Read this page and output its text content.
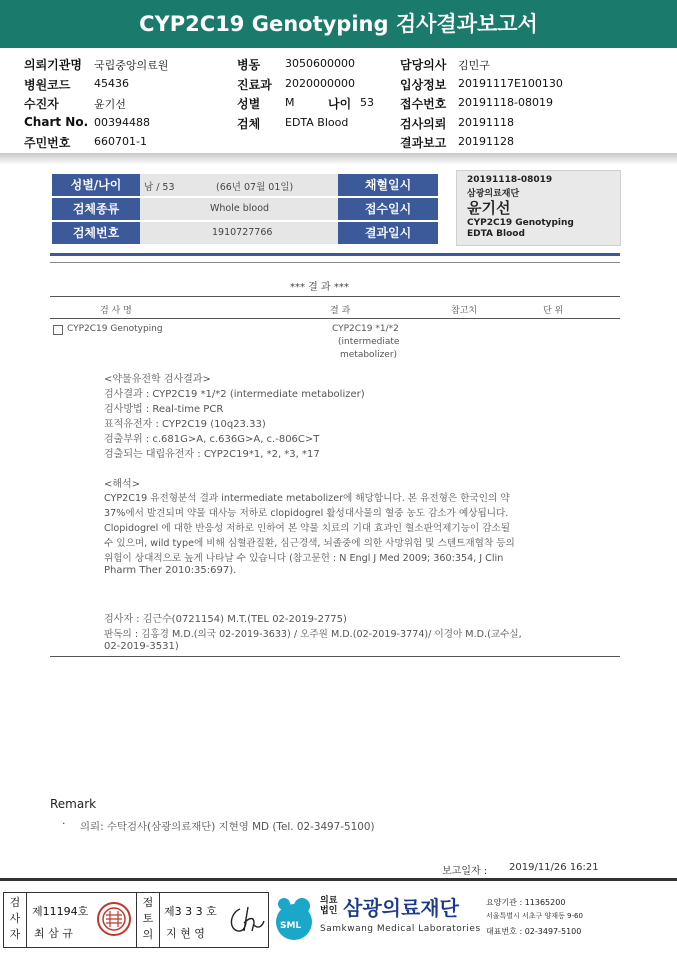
CYP2C19 Genotyping 검사결과보고서
의뢰기관명 국립중앙의료원
병원코드 45436
수진자	윤기선
Chart No. 00394488
주민번호 660701-1
병동 3050600000
진료과 2020000000
성별 M	나이 53
검체 EDTA Blood
담당의사 김민구
입상정보 20191117E100130
접수번호 20191118-08019
검사의뢰 20191118
결과보고 20191128
성별/나이	남 / 53	(66년 07월 01일)	채혈일시
검체종류	Whole blood	접수일시
검체번호	1910727766	결과일시
20191118-08019
삼광의료재단
윤기선
CYP2C19 Genotyping
EDTA Blood
*** 결 과 ***
검 사 명	결 과	참고치	단 위
CYP2C19 Genotyping	CYP2C19 *1/*2
(intermediate
metabolizer)
<약물유전학 검사결과>
검사결과 : CYP2C19 *1/*2 (intermediate metabolizer)
검사방법 : Real-time PCR
표적유전자 : CYP2C19 (10q23.33)
검출부위 : c.681G>A, c.636G>A, c.-806C>T
검출되는 대립유전자 : CYP2C19*1, *2, *3, *17
<해석>
CYP2C19 유전형분석 결과 intermediate metabolizer에 해당합니다. 본 유전형은 한국인의 약
37%에서 발견되며 약물 대사능 저하로 clopidogrel 활성대사물의 혈중 농도 감소가 예상됩니다.
Clopidogrel 에 대한 반응성 저하로 인하여 본 약물 치료의 기대 효과인 혈소판억제기능이 감소될
수 있으며, wild type에 비해 심혈관질환, 심근경색, 뇌졸중에 의한 사망위험 및 스텐트재협착 등의
위험이 상대적으로 높게 나타날 수 있습니다 (참고문헌 : N Engl J Med 2009; 360:354, J Clin
Pharm Ther 2010:35:697).
검사자 : 김근수(0721154) M.T.(TEL 02-2019-2775)
판독의 : 김홍경 M.D.(의국 02-2019-3633) / 오주원 M.D.(02-2019-3774)/ 이경아 M.D.(교수실,
02-2019-3531)
Remark
· 의뢰: 수탁검사(삼광의료재단) 지현영 MD (Tel. 02-3497-5100)
보고일자 : 2019/11/26 16:21
검사자
제11194호
최 삼 규
점토의
제3 3 3 호
지 현 영
SML
의료
법인 삼광의료재단
Samkwang Medical Laboratories
요양기관 : 11365200
서울특별시 서초구 양재동 9-60
대표번호 : 02-3497-5100
